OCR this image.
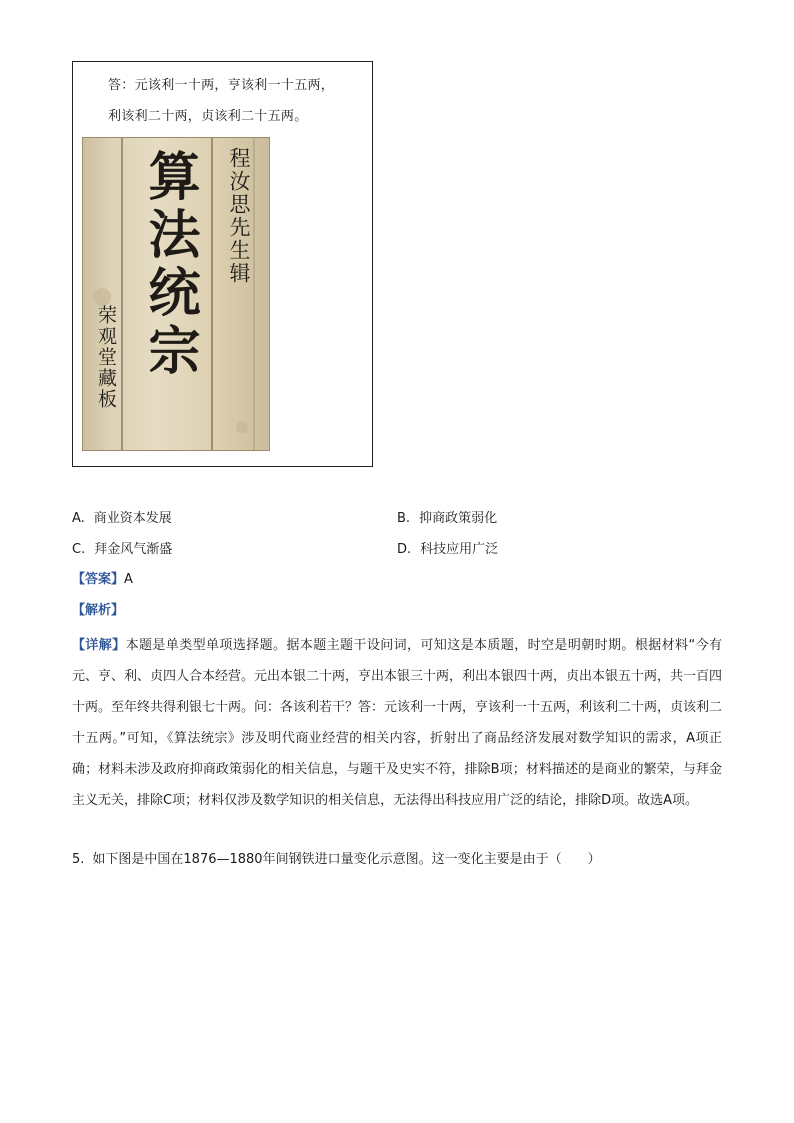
答：元该利一十两，亨该利一十五两，
利该利二十两，贞该利二十五两。
算法统宗 程汝思先生辑
荣观堂藏板
A. 商业资本发展	B. 抑商政策弱化
C. 拜金风气渐盛	D. 科技应用广泛
【答案】A
【解析】
【详解】本题是单类型单项选择题。据本题主题干设问词，可知这是本质题，时空是明朝时期。根据材料“今有元、亨、利、贞四人合本经营。元出本银二十两，亨出本银三十两，利出本银四十两，贞出本银五十两，共一百四十两。至年终共得利银七十两。问：各该利若干？答：元该利一十两，亨该利一十五两，利该利二十两，贞该利二十五两。”可知，《算法统宗》涉及明代商业经营的相关内容，折射出了商品经济发展对数学知识的需求，A项正确；材料未涉及政府抑商政策弱化的相关信息，与题干及史实不符，排除B项；材料描述的是商业的繁荣，与拜金主义无关，排除C项；材料仅涉及数学知识的相关信息，无法得出科技应用广泛的结论，排除D项。故选A项。
5. 如下图是中国在1876—1880年间钢铁进口量变化示意图。这一变化主要是由于（　　）
